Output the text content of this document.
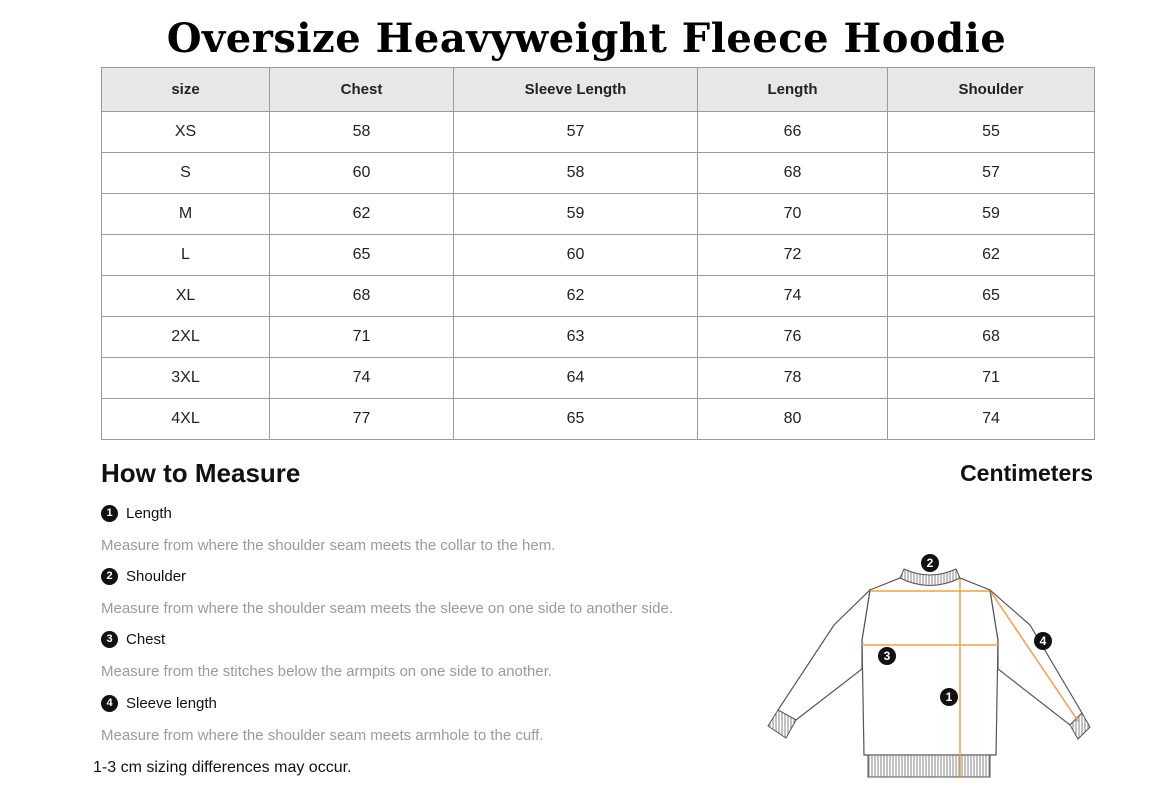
Oversize Heavyweight Fleece Hoodie
size	Chest	Sleeve Length	Length	Shoulder
XS	58	57	66	55
S	60	58	68	57
M	62	59	70	59
L	65	60	72	62
XL	68	62	74	65
2XL	71	63	76	68
3XL	74	64	78	71
4XL	77	65	80	74
How to Measure	Centimeters
1 Length
Measure from where the shoulder seam meets the collar to the hem.
2 Shoulder
Measure from where the shoulder seam meets the sleeve on one side to another side.
3 Chest
Measure from the stitches below the armpits on one side to another.
4 Sleeve length
Measure from where the shoulder seam meets armhole to the cuff.
1-3 cm sizing differences may occur.
2
3
1
4
